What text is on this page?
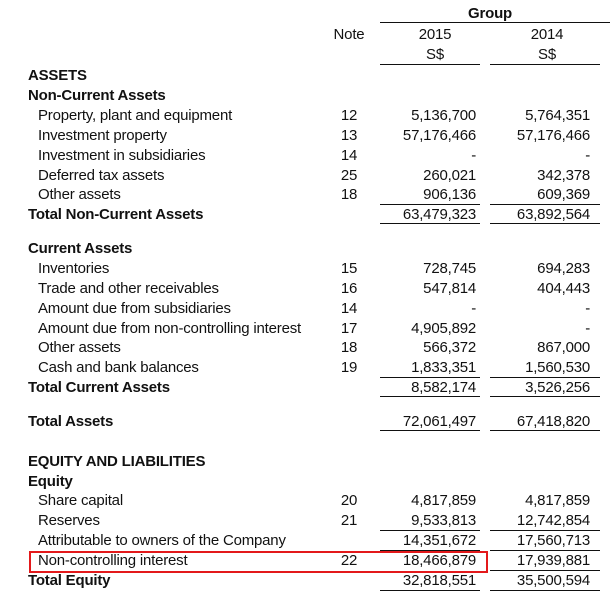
Group
Note	2015	2014
S$	S$
ASSETS
Non-Current Assets
Property, plant and equipment	12	5,136,700	5,764,351
Investment property	13	57,176,466	57,176,466
Investment in subsidiaries	14	-	-
Deferred tax assets	25	260,021	342,378
Other assets	18	906,136	609,369
Total Non-Current Assets	63,479,323	63,892,564
Current Assets
Inventories	15	728,745	694,283
Trade and other receivables	16	547,814	404,443
Amount due from subsidiaries	14	-	-
Amount due from non-controlling interest	17	4,905,892	-
Other assets	18	566,372	867,000
Cash and bank balances	19	1,833,351	1,560,530
Total Current Assets	8,582,174	3,526,256
Total Assets	72,061,497	67,418,820
EQUITY AND LIABILITIES
Equity
Share capital	20	4,817,859	4,817,859
Reserves	21	9,533,813	12,742,854
Attributable to owners of the Company	14,351,672	17,560,713
Non-controlling interest	22	18,466,879	17,939,881
Total Equity	32,818,551	35,500,594
